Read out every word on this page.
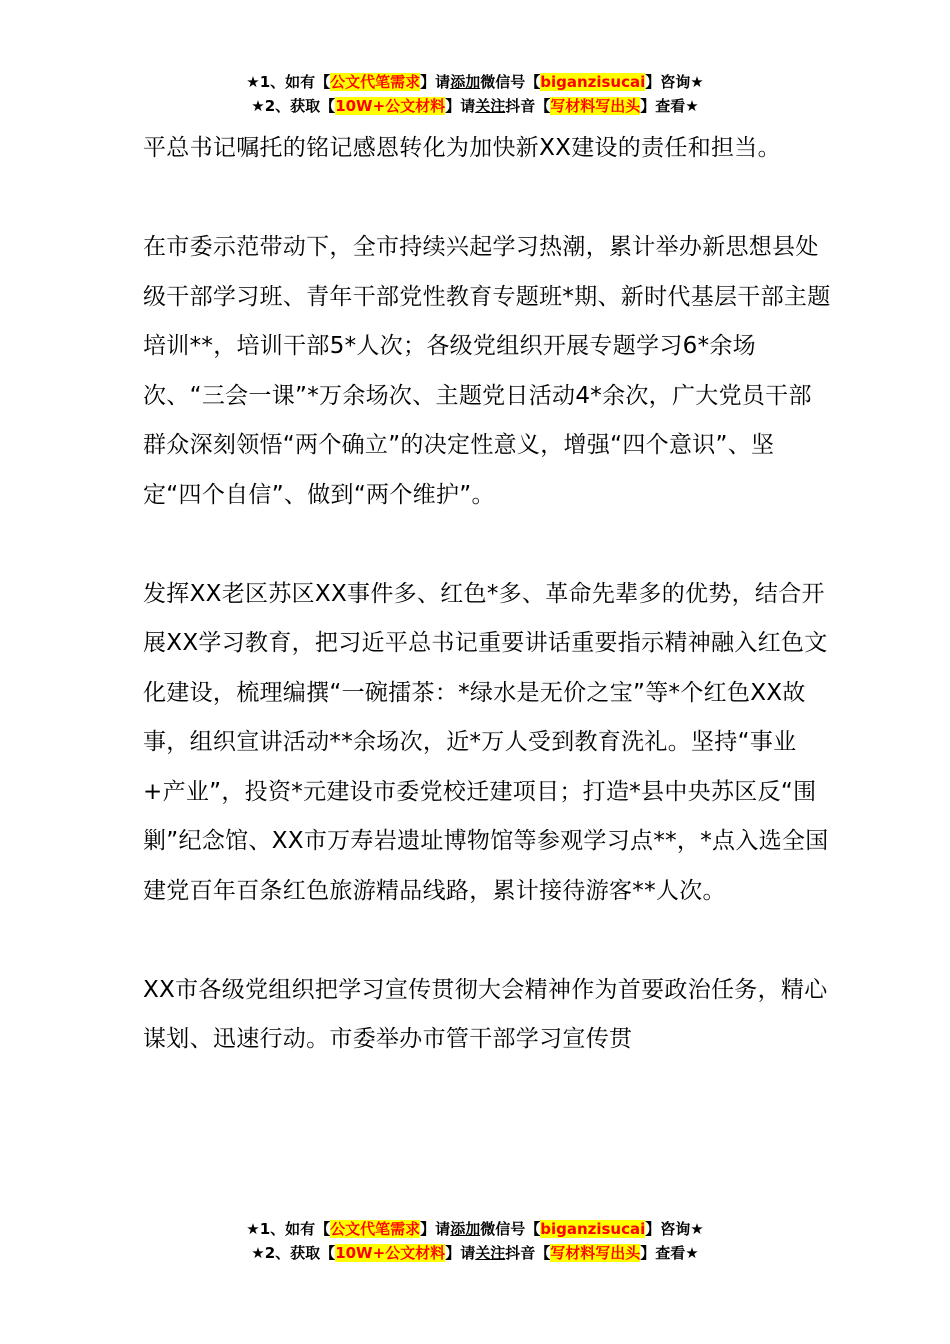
★1、如有【公文代笔需求】请添加微信号【biganzisucai】咨询★
★2、获取【10W+公文材料】请关注抖音【写材料写出头】查看★

平总书记嘱托的铭记感恩转化为加快新XX建设的责任和担当。

在市委示范带动下，全市持续兴起学习热潮，累计举办新思想县处级干部学习班、青年干部党性教育专题班*期、新时代基层干部主题培训**，培训干部5*人次；各级党组织开展专题学习6*余场次、“三会一课”*万余场次、主题党日活动4*余次，广大党员干部群众深刻领悟“两个确立”的决定性意义，增强“四个意识”、坚定“四个自信”、做到“两个维护”。

发挥XX老区苏区XX事件多、红色*多、革命先辈多的优势，结合开展XX学习教育，把习近平总书记重要讲话重要指示精神融入红色文化建设，梳理编撰“一碗擂茶：*绿水是无价之宝”等*个红色XX故事，组织宣讲活动**余场次，近*万人受到教育洗礼。坚持“事业+产业”，投资*元建设市委党校迁建项目；打造*县中央苏区反“围剿”纪念馆、XX市万寿岩遗址博物馆等参观学习点**，*点入选全国建党百年百条红色旅游精品线路，累计接待游客**人次。

XX市各级党组织把学习宣传贯彻大会精神作为首要政治任务，精心谋划、迅速行动。市委举办市管干部学习宣传贯

★1、如有【公文代笔需求】请添加微信号【biganzisucai】咨询★
★2、获取【10W+公文材料】请关注抖音【写材料写出头】查看★
